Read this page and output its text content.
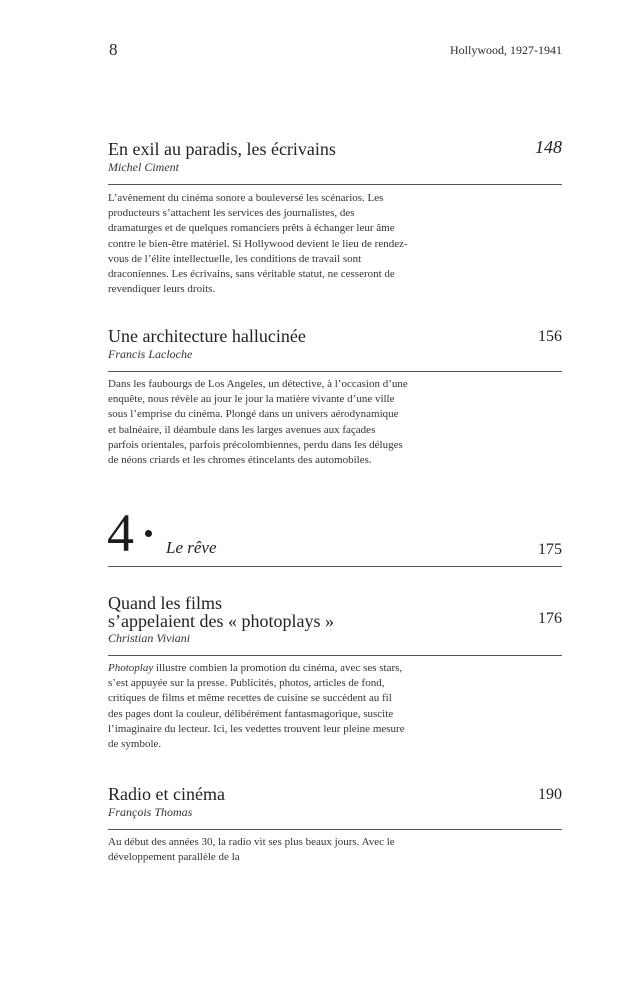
8	Hollywood, 1927-1941
En exil au paradis, les écrivains
Michel Ciment
148
L’avènement du cinéma sonore a bouleversé les scénarios. Les producteurs s’attachent les services des journalistes, des dramaturges et de quelques romanciers prêts à échanger leur âme contre le bien-être matériel. Si Hollywood devient le lieu de rendez-vous de l’élite intellectuelle, les conditions de travail sont draconiennes. Les écrivains, sans véritable statut, ne cesseront de revendiquer leurs droits.
Une architecture hallucinée
Francis Lacloche
156
Dans les faubourgs de Los Angeles, un détective, à l’occasion d’une enquête, nous révèle au jour le jour la matière vivante d’une ville sous l’emprise du cinéma. Plongé dans un univers aérodynamique et balnéaire, il déambule dans les larges avenues aux façades parfois orientales, parfois précolombiennes, perdu dans les déluges de néons criards et les chromes étincelants des automobiles.
4 Le rêve	175
Quand les films
s’appelaient des « photoplays »
Christian Viviani
176
Photoplay illustre combien la promotion du cinéma, avec ses stars, s’est appuyée sur la presse. Publicités, photos, articles de fond, critiques de films et même recettes de cuisine se succèdent au fil des pages dont la couleur, délibérément fantasmagorique, suscite l’imaginaire du lecteur. Ici, les vedettes trouvent leur pleine mesure de symbole.
Radio et cinéma
François Thomas
190
Au début des années 30, la radio vit ses plus beaux jours. Avec le développement parallèle de la
